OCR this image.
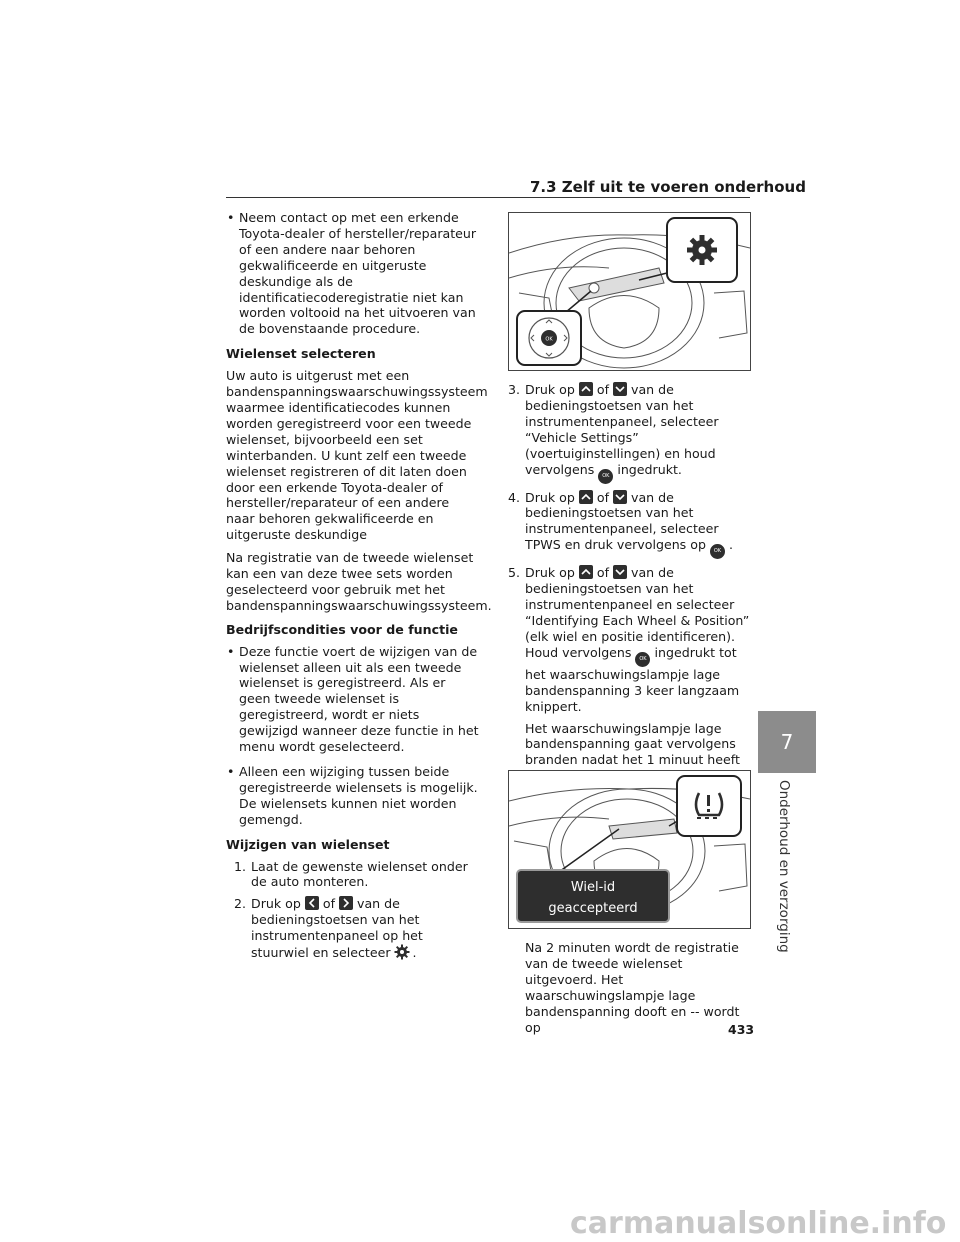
7.3 Zelf uit te voeren onderhoud

• Neem contact op met een erkende Toyota-dealer of hersteller/reparateur of een andere naar behoren gekwalificeerde en uitgeruste deskundige als de identificatiecoderegistratie niet kan worden voltooid na het uitvoeren van de bovenstaande procedure.

Wielenset selecteren

Uw auto is uitgerust met een bandenspanningswaarschuwingssysteem waarmee identificatiecodes kunnen worden geregistreerd voor een tweede wielenset, bijvoorbeeld een set winterbanden. U kunt zelf een tweede wielenset registreren of dit laten doen door een erkende Toyota-dealer of hersteller/reparateur of een andere naar behoren gekwalificeerde en uitgeruste deskundige

Na registratie van de tweede wielenset kan een van deze twee sets worden geselecteerd voor gebruik met het bandenspanningswaarschuwingssysteem.

Bedrijfscondities voor de functie

• Deze functie voert de wijzigen van de wielenset alleen uit als een tweede wielenset is geregistreerd. Als er geen tweede wielenset is geregistreerd, wordt er niets gewijzigd wanneer deze functie in het menu wordt geselecteerd.

• Alleen een wijziging tussen beide geregistreerde wielensets is mogelijk. De wielensets kunnen niet worden gemengd.

Wijzigen van wielenset

1. Laat de gewenste wielenset onder de auto monteren.

2. Druk op of van de bedieningstoetsen van het instrumentenpaneel op het stuurwiel en selecteer .

OK

3. Druk op of van de bedieningstoetsen van het instrumentenpaneel, selecteer “Vehicle Settings” (voertuiginstellingen) en houd vervolgens OK ingedrukt.

4. Druk op of van de bedieningstoetsen van het instrumentenpaneel, selecteer TPWS en druk vervolgens op OK .

5. Druk op of van de bedieningstoetsen van het instrumentenpaneel en selecteer “Identifying Each Wheel & Position” (elk wiel en positie identificeren). Houd vervolgens OK ingedrukt tot het waarschuwingslampje lage bandenspanning 3 keer langzaam knippert.

Het waarschuwingslampje lage bandenspanning gaat vervolgens branden nadat het 1 minuut heeft

Wiel-id
geaccepteerd

Na 2 minuten wordt de registratie van de tweede wielenset uitgevoerd. Het waarschuwingslampje lage bandenspanning dooft en -- wordt op

7
Onderhoud en verzorging
433
carmanualsonline.info
